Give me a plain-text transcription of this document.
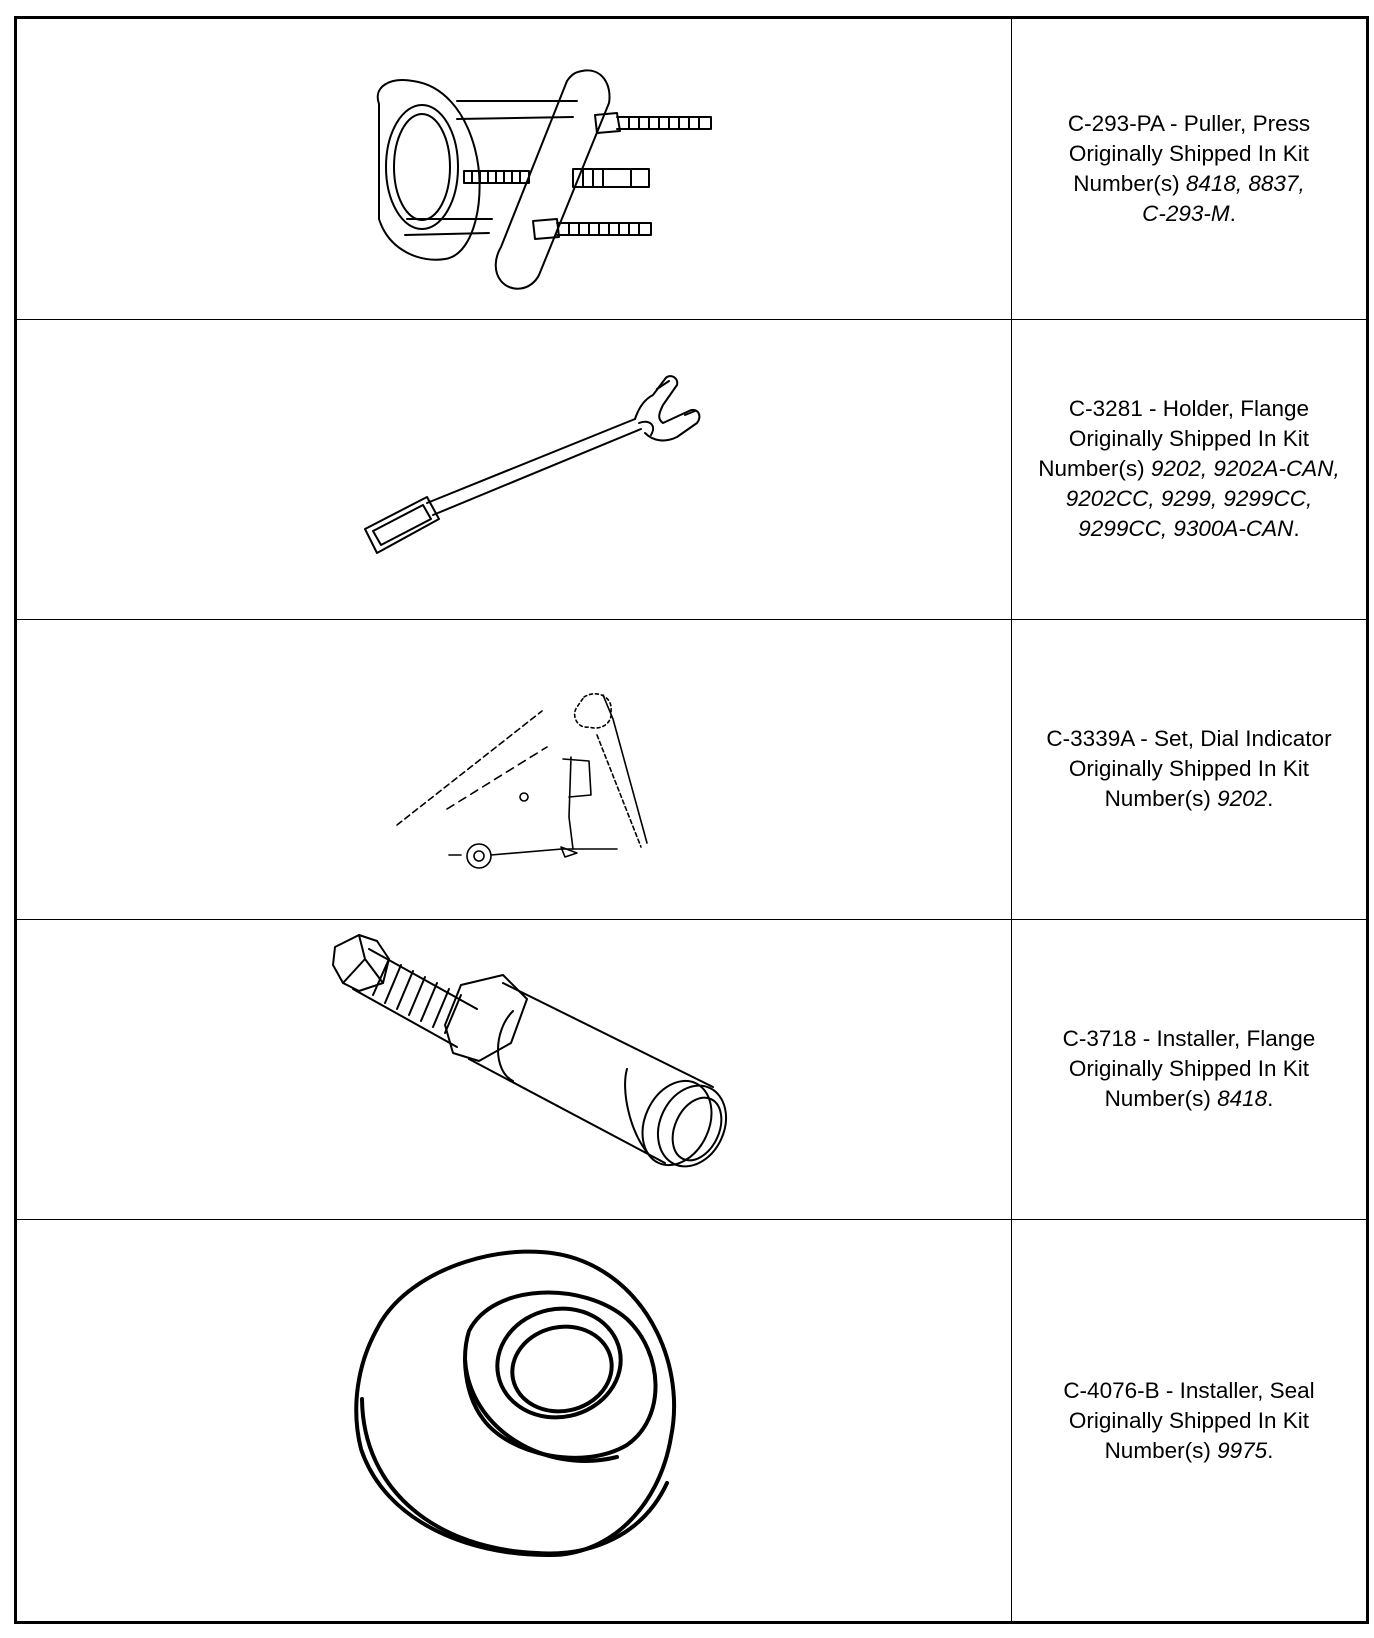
C-293-PA - Puller, Press
Originally Shipped In Kit
Number(s) 8418, 8837,
C-293-M.
C-3281 - Holder, Flange
Originally Shipped In Kit
Number(s) 9202, 9202A-CAN,
9202CC, 9299, 9299CC,
9299CC, 9300A-CAN.
C-3339A - Set, Dial Indicator
Originally Shipped In Kit
Number(s) 9202.
C-3718 - Installer, Flange
Originally Shipped In Kit
Number(s) 8418.
C-4076-B - Installer, Seal
Originally Shipped In Kit
Number(s) 9975.
